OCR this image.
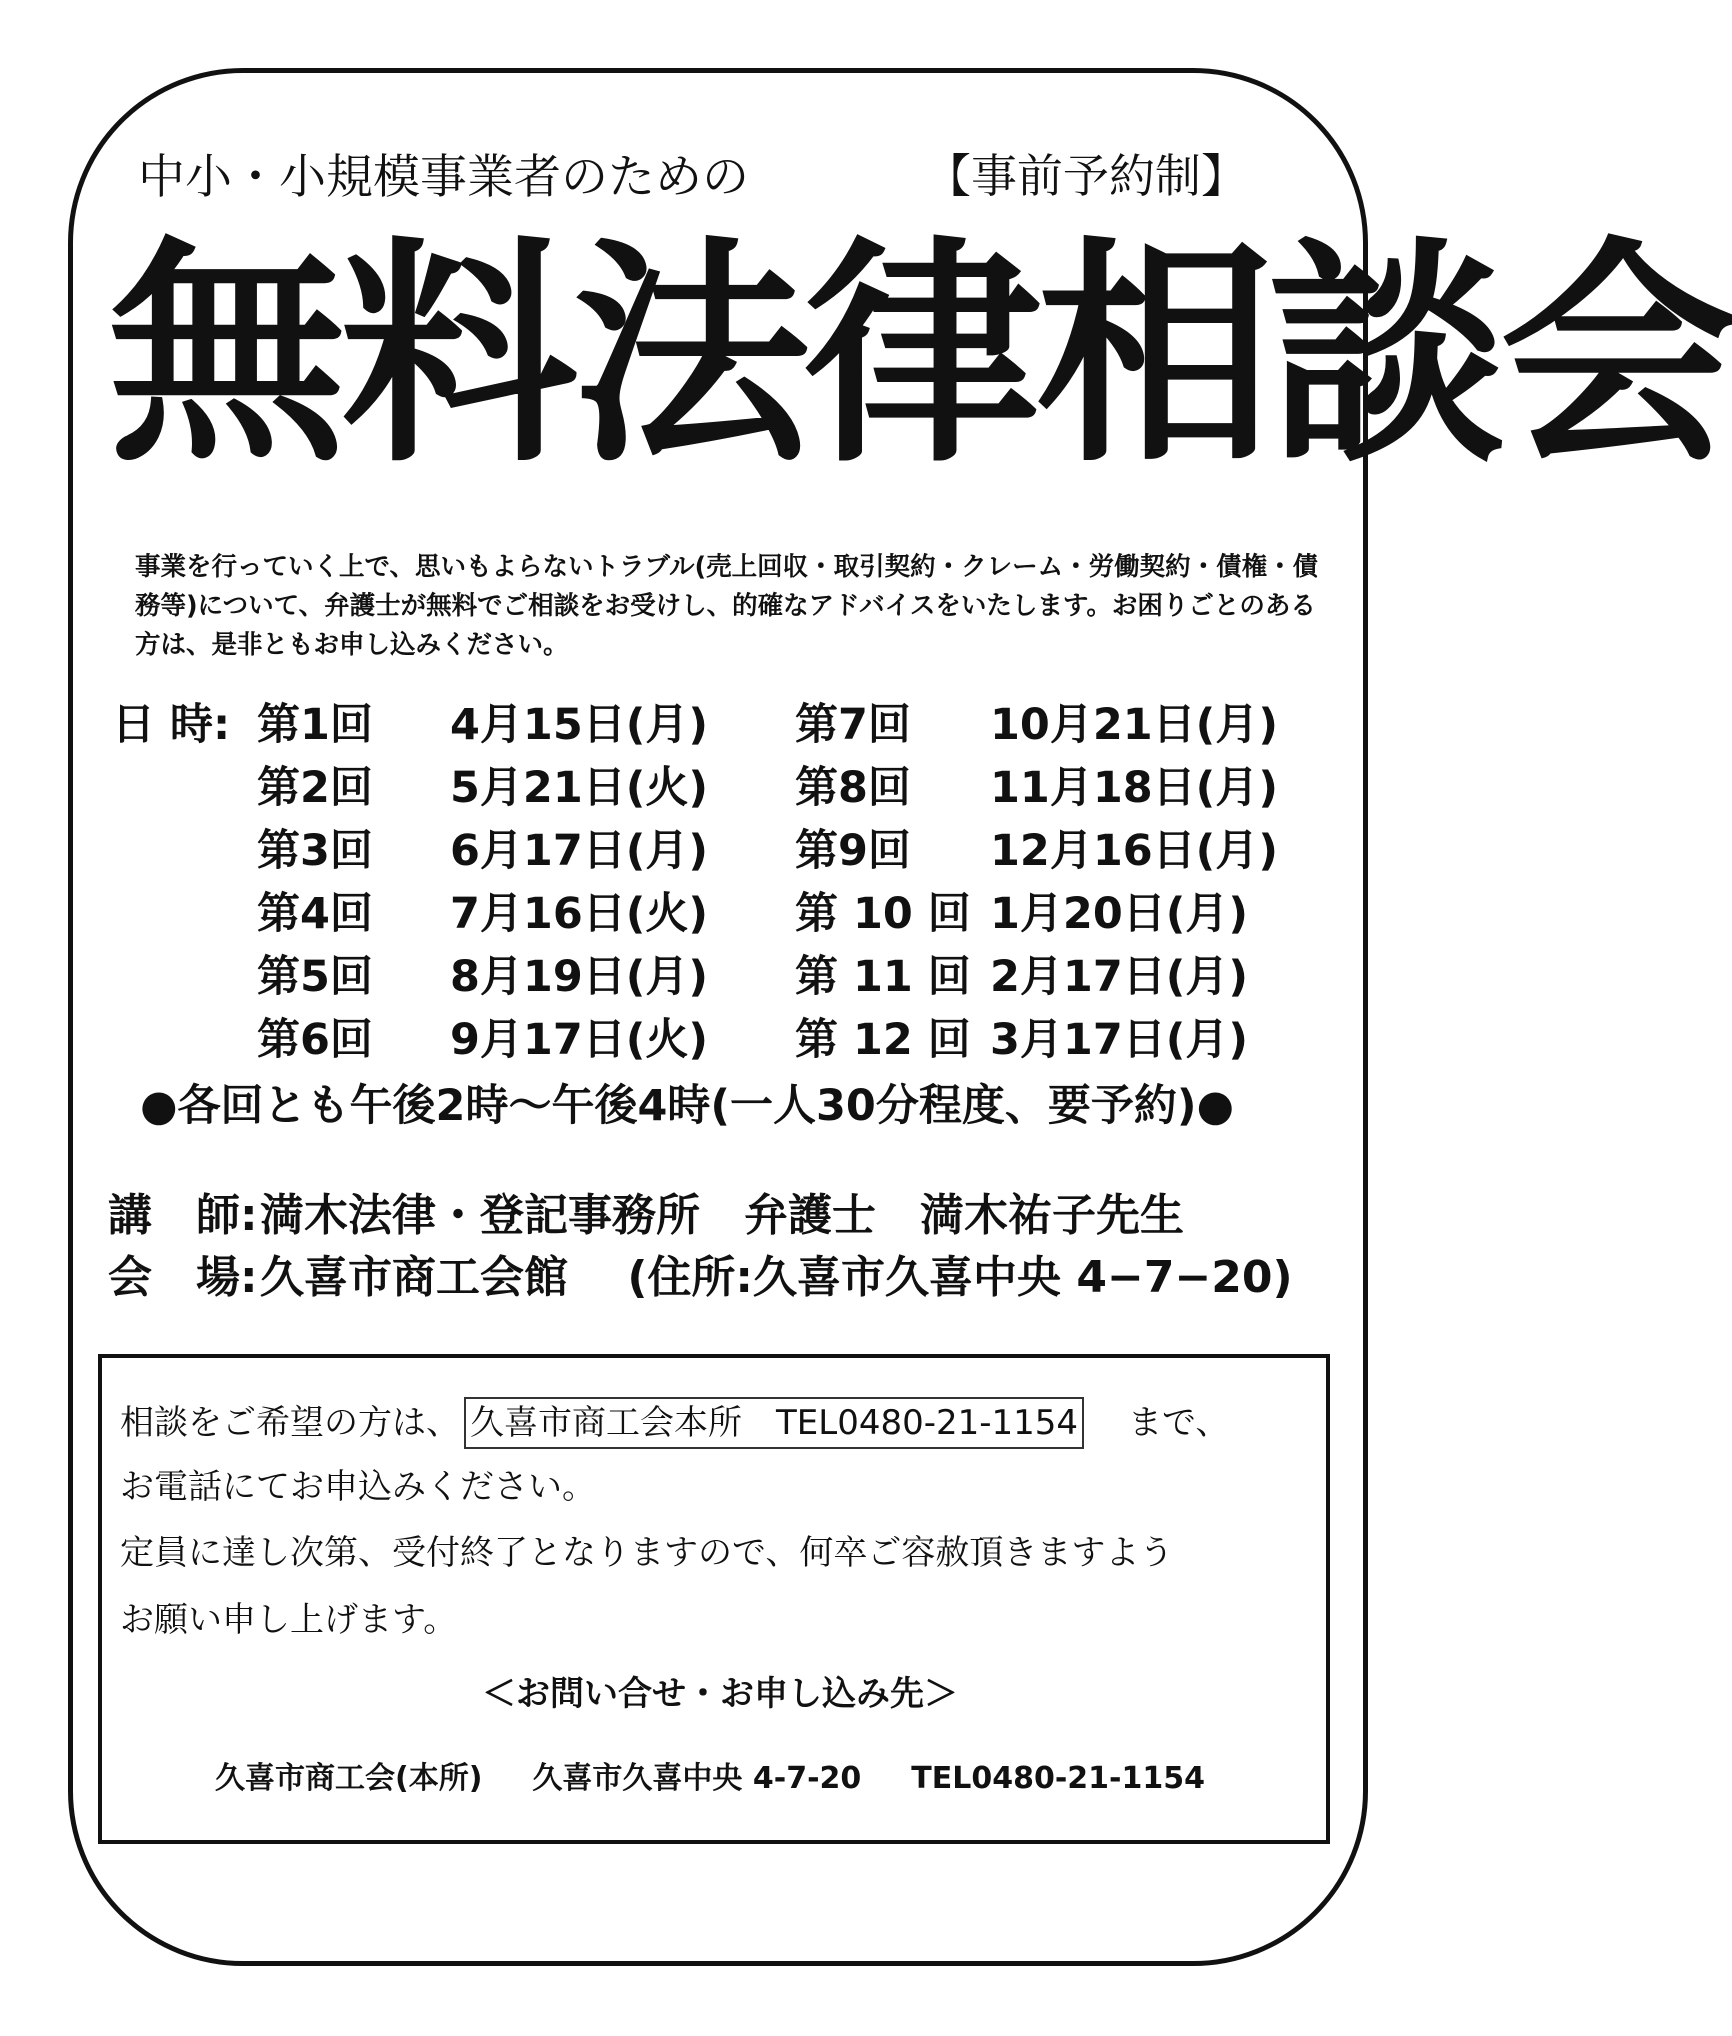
中小・小規模事業者のための	【事前予約制】
無料法律相談会
事業を行っていく上で、思いもよらないトラブル(売上回収・取引契約・クレーム・労働契約・債権・債務等)について、弁護士が無料でご相談をお受けし、的確なアドバイスをいたします。お困りごとのある方は、是非ともお申し込みください。
日 時: 第1回 4月15日(月)
第2回 5月21日(火)
第3回 6月17日(月)
第4回 7月16日(火)
第5回 8月19日(月)
第6回 9月17日(火)
第7回 10月21日(月)
第8回 11月18日(月)
第9回 12月16日(月)
第 10 回 1月20日(月)
第 11 回 2月17日(月)
第 12 回 3月17日(月)
●各回とも午後2時～午後4時(一人30分程度、要予約)●
講　師:満木法律・登記事務所　弁護士　満木祐子先生
会　場:久喜市商工会館　 (住所:久喜市久喜中央 4−7−20)
相談をご希望の方は、 久喜市商工会本所　TEL0480-21-1154 まで、
お電話にてお申込みください。
定員に達し次第、受付終了となりますので、何卒ご容赦頂きますよう
お願い申し上げます。
＜お問い合せ・お申し込み先＞
久喜市商工会(本所) 久喜市久喜中央 4-7-20 TEL0480-21-1154
